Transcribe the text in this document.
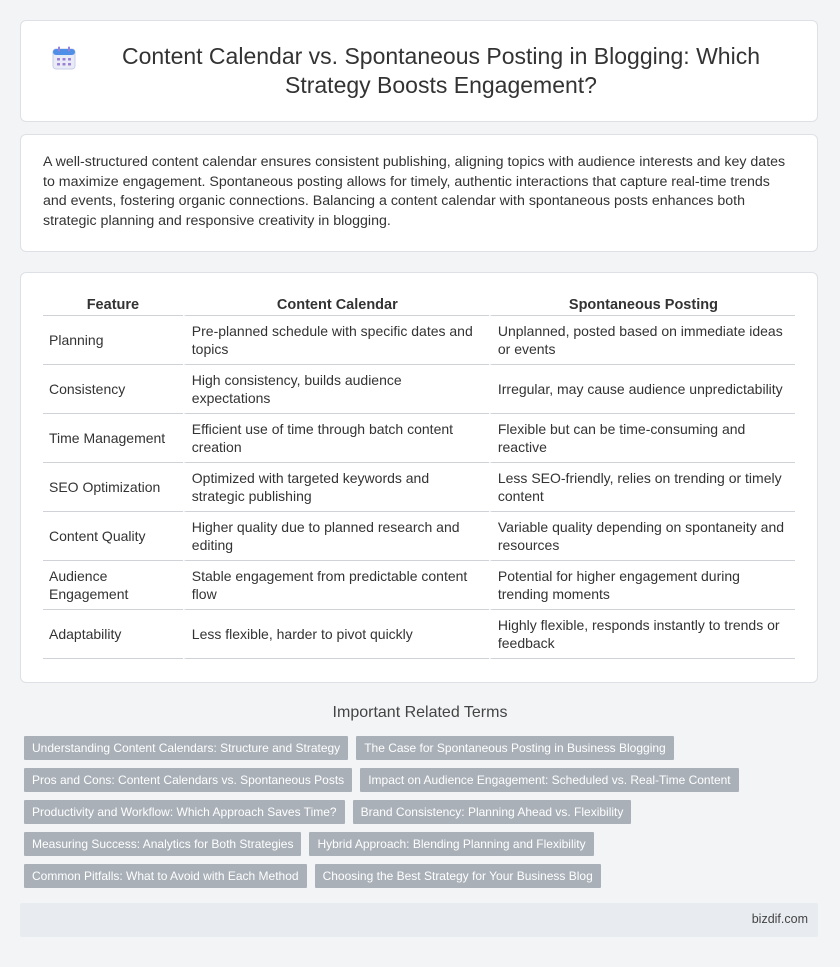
Content Calendar vs. Spontaneous Posting in Blogging: Which Strategy Boosts Engagement?

A well-structured content calendar ensures consistent publishing, aligning topics with audience interests and key dates to maximize engagement. Spontaneous posting allows for timely, authentic interactions that capture real-time trends and events, fostering organic connections. Balancing a content calendar with spontaneous posts enhances both strategic planning and responsive creativity in blogging.

Feature	Content Calendar	Spontaneous Posting
Planning	Pre-planned schedule with specific dates and topics	Unplanned, posted based on immediate ideas or events
Consistency	High consistency, builds audience expectations	Irregular, may cause audience unpredictability
Time Management	Efficient use of time through batch content creation	Flexible but can be time-consuming and reactive
SEO Optimization	Optimized with targeted keywords and strategic publishing	Less SEO-friendly, relies on trending or timely content
Content Quality	Higher quality due to planned research and editing	Variable quality depending on spontaneity and resources
Audience Engagement	Stable engagement from predictable content flow	Potential for higher engagement during trending moments
Adaptability	Less flexible, harder to pivot quickly	Highly flexible, responds instantly to trends or feedback
Important Related Terms
Understanding Content Calendars: Structure and Strategy	The Case for Spontaneous Posting in Business Blogging
Pros and Cons: Content Calendars vs. Spontaneous Posts	Impact on Audience Engagement: Scheduled vs. Real-Time Content
Productivity and Workflow: Which Approach Saves Time?	Brand Consistency: Planning Ahead vs. Flexibility
Measuring Success: Analytics for Both Strategies	Hybrid Approach: Blending Planning and Flexibility
Common Pitfalls: What to Avoid with Each Method	Choosing the Best Strategy for Your Business Blog
bizdif.com
